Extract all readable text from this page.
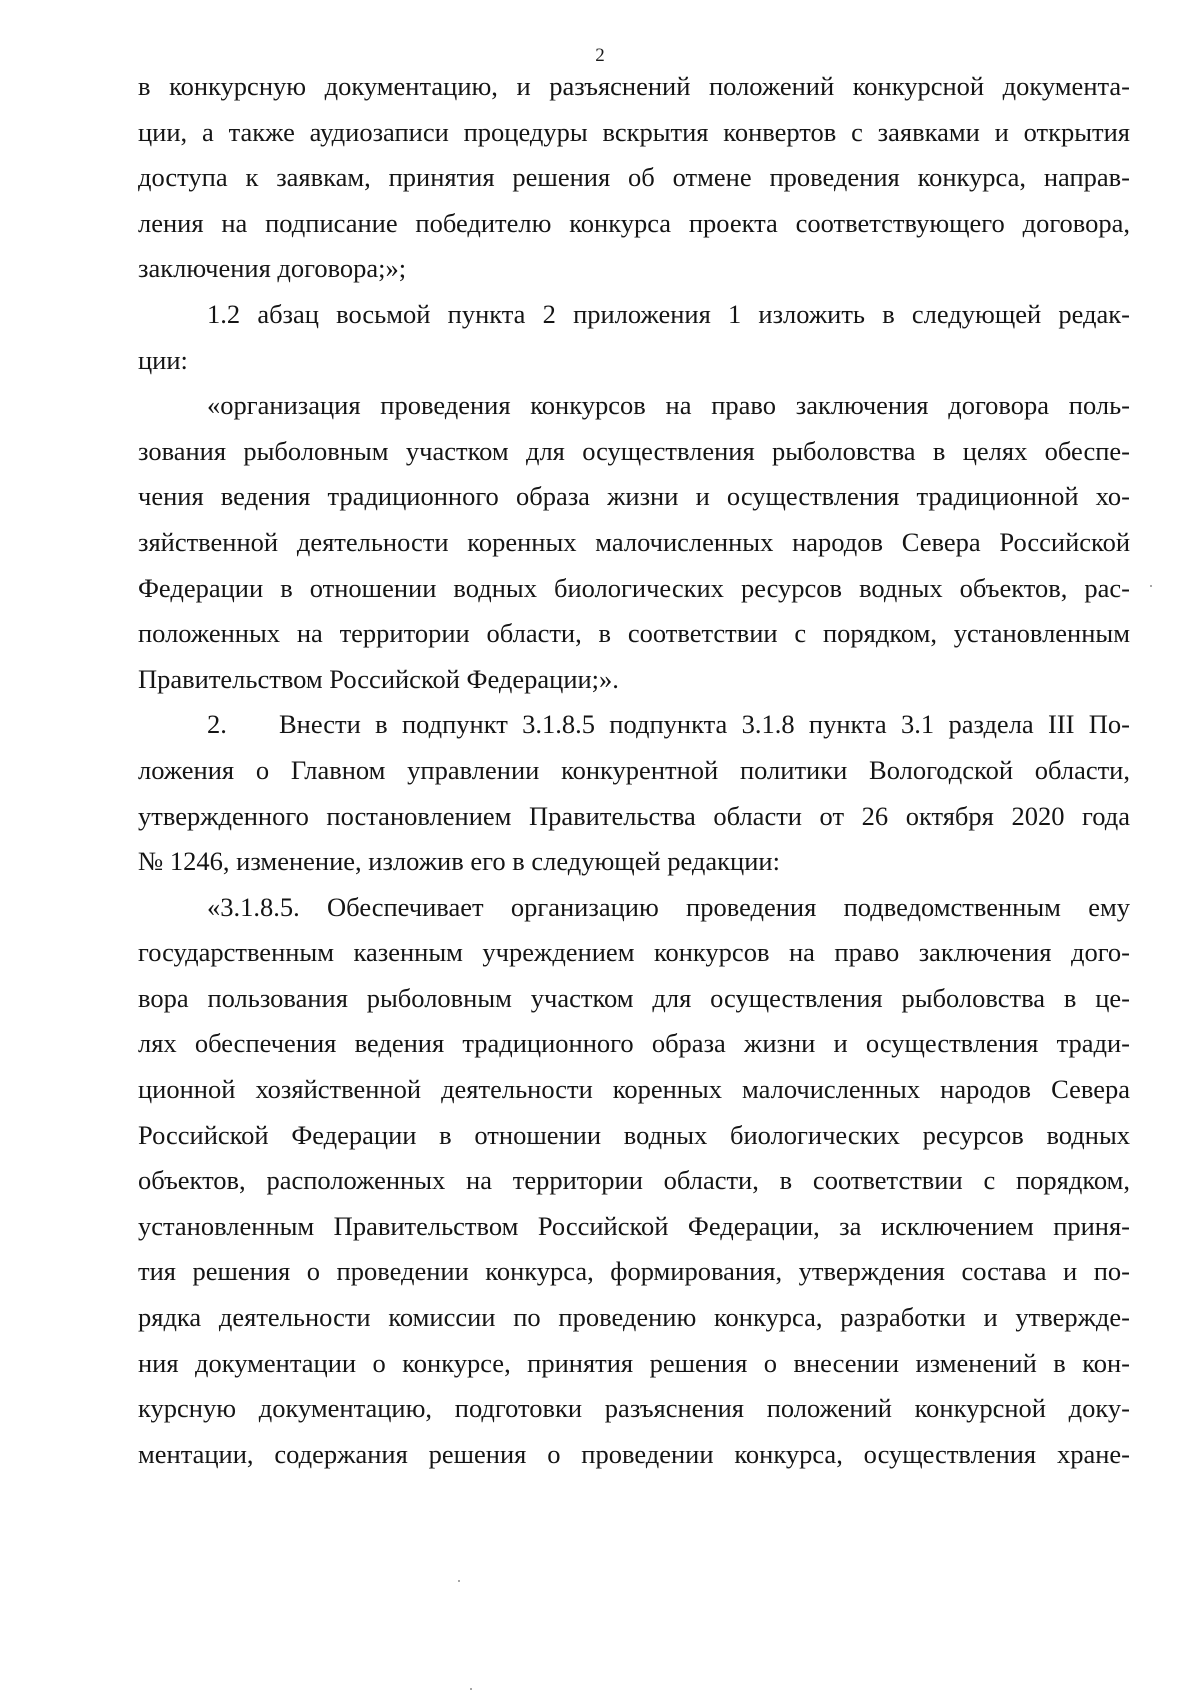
2
в конкурсную документацию, и разъяснений положений конкурсной документа-
ции, а также аудиозаписи процедуры вскрытия конвертов с заявками и открытия
доступа к заявкам, принятия решения об отмене проведения конкурса, направ-
ления на подписание победителю конкурса проекта соответствующего договора,
заключения договора;»;
1.2 абзац восьмой пункта 2 приложения 1 изложить в следующей редак-
ции:
«организация проведения конкурсов на право заключения договора поль-
зования рыболовным участком для осуществления рыболовства в целях обеспе-
чения ведения традиционного образа жизни и осуществления традиционной хо-
зяйственной деятельности коренных малочисленных народов Севера Российской
Федерации в отношении водных биологических ресурсов водных объектов, рас-
положенных на территории области, в соответствии с порядком, установленным
Правительством Российской Федерации;».
2. Внести в подпункт 3.1.8.5 подпункта 3.1.8 пункта 3.1 раздела III По-
ложения о Главном управлении конкурентной политики Вологодской области,
утвержденного постановлением Правительства области от 26 октября 2020 года
№ 1246, изменение, изложив его в следующей редакции:
«3.1.8.5. Обеспечивает организацию проведения подведомственным ему
государственным казенным учреждением конкурсов на право заключения дого-
вора пользования рыболовным участком для осуществления рыболовства в це-
лях обеспечения ведения традиционного образа жизни и осуществления тради-
ционной хозяйственной деятельности коренных малочисленных народов Севера
Российской Федерации в отношении водных биологических ресурсов водных
объектов, расположенных на территории области, в соответствии с порядком,
установленным Правительством Российской Федерации, за исключением приня-
тия решения о проведении конкурса, формирования, утверждения состава и по-
рядка деятельности комиссии по проведению конкурса, разработки и утвержде-
ния документации о конкурсе, принятия решения о внесении изменений в кон-
курсную документацию, подготовки разъяснения положений конкурсной доку-
ментации, содержания решения о проведении конкурса, осуществления хране-
